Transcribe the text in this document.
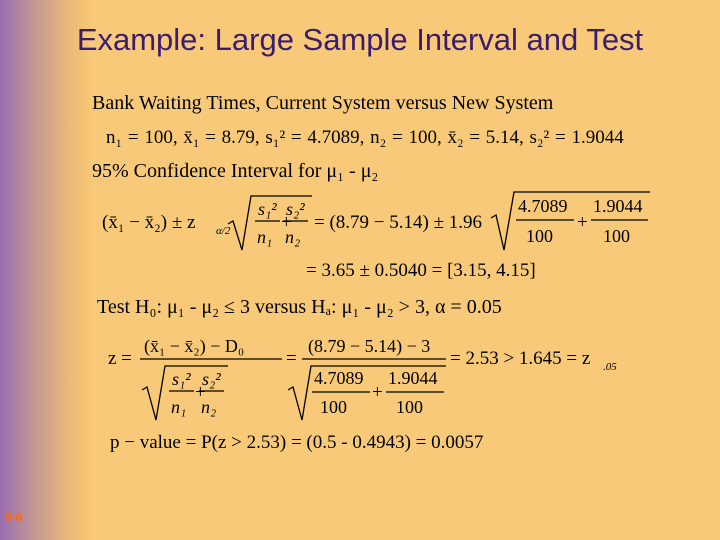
Example: Large Sample Interval and Test
Bank Waiting Times, Current System versus New System
n₁ = 100, x̄₁ = 8.79, s₁² = 4.7089, n₂ = 100, x̄₂ = 5.14, s₂² = 1.9044
95% Confidence Interval for μ₁ - μ₂
(x̄₁ − x̄₂) ± z α/2
s₁²
n₁
+
s₂²
n₂
= (8.79 − 5.14) ± 1.96
4.7089
100
+
1.9044
100
= 3.65 ± 0.5040 = [3.15, 4.15]
Test H₀: μ₁ - μ₂ ≤ 3 versus Hₐ: μ₁ - μ₂ > 3, α = 0.05
z =
(x̄₁ − x̄₂) − D₀
s₁²
n₁
+
s₂²
n₂
=
(8.79 − 5.14) − 3
4.7089
100
+
1.9044
100
= 2.53 > 1.645 = z .05
p − value = P(z > 2.53) = (0.5 - 0.4943) = 0.0057
9-6
